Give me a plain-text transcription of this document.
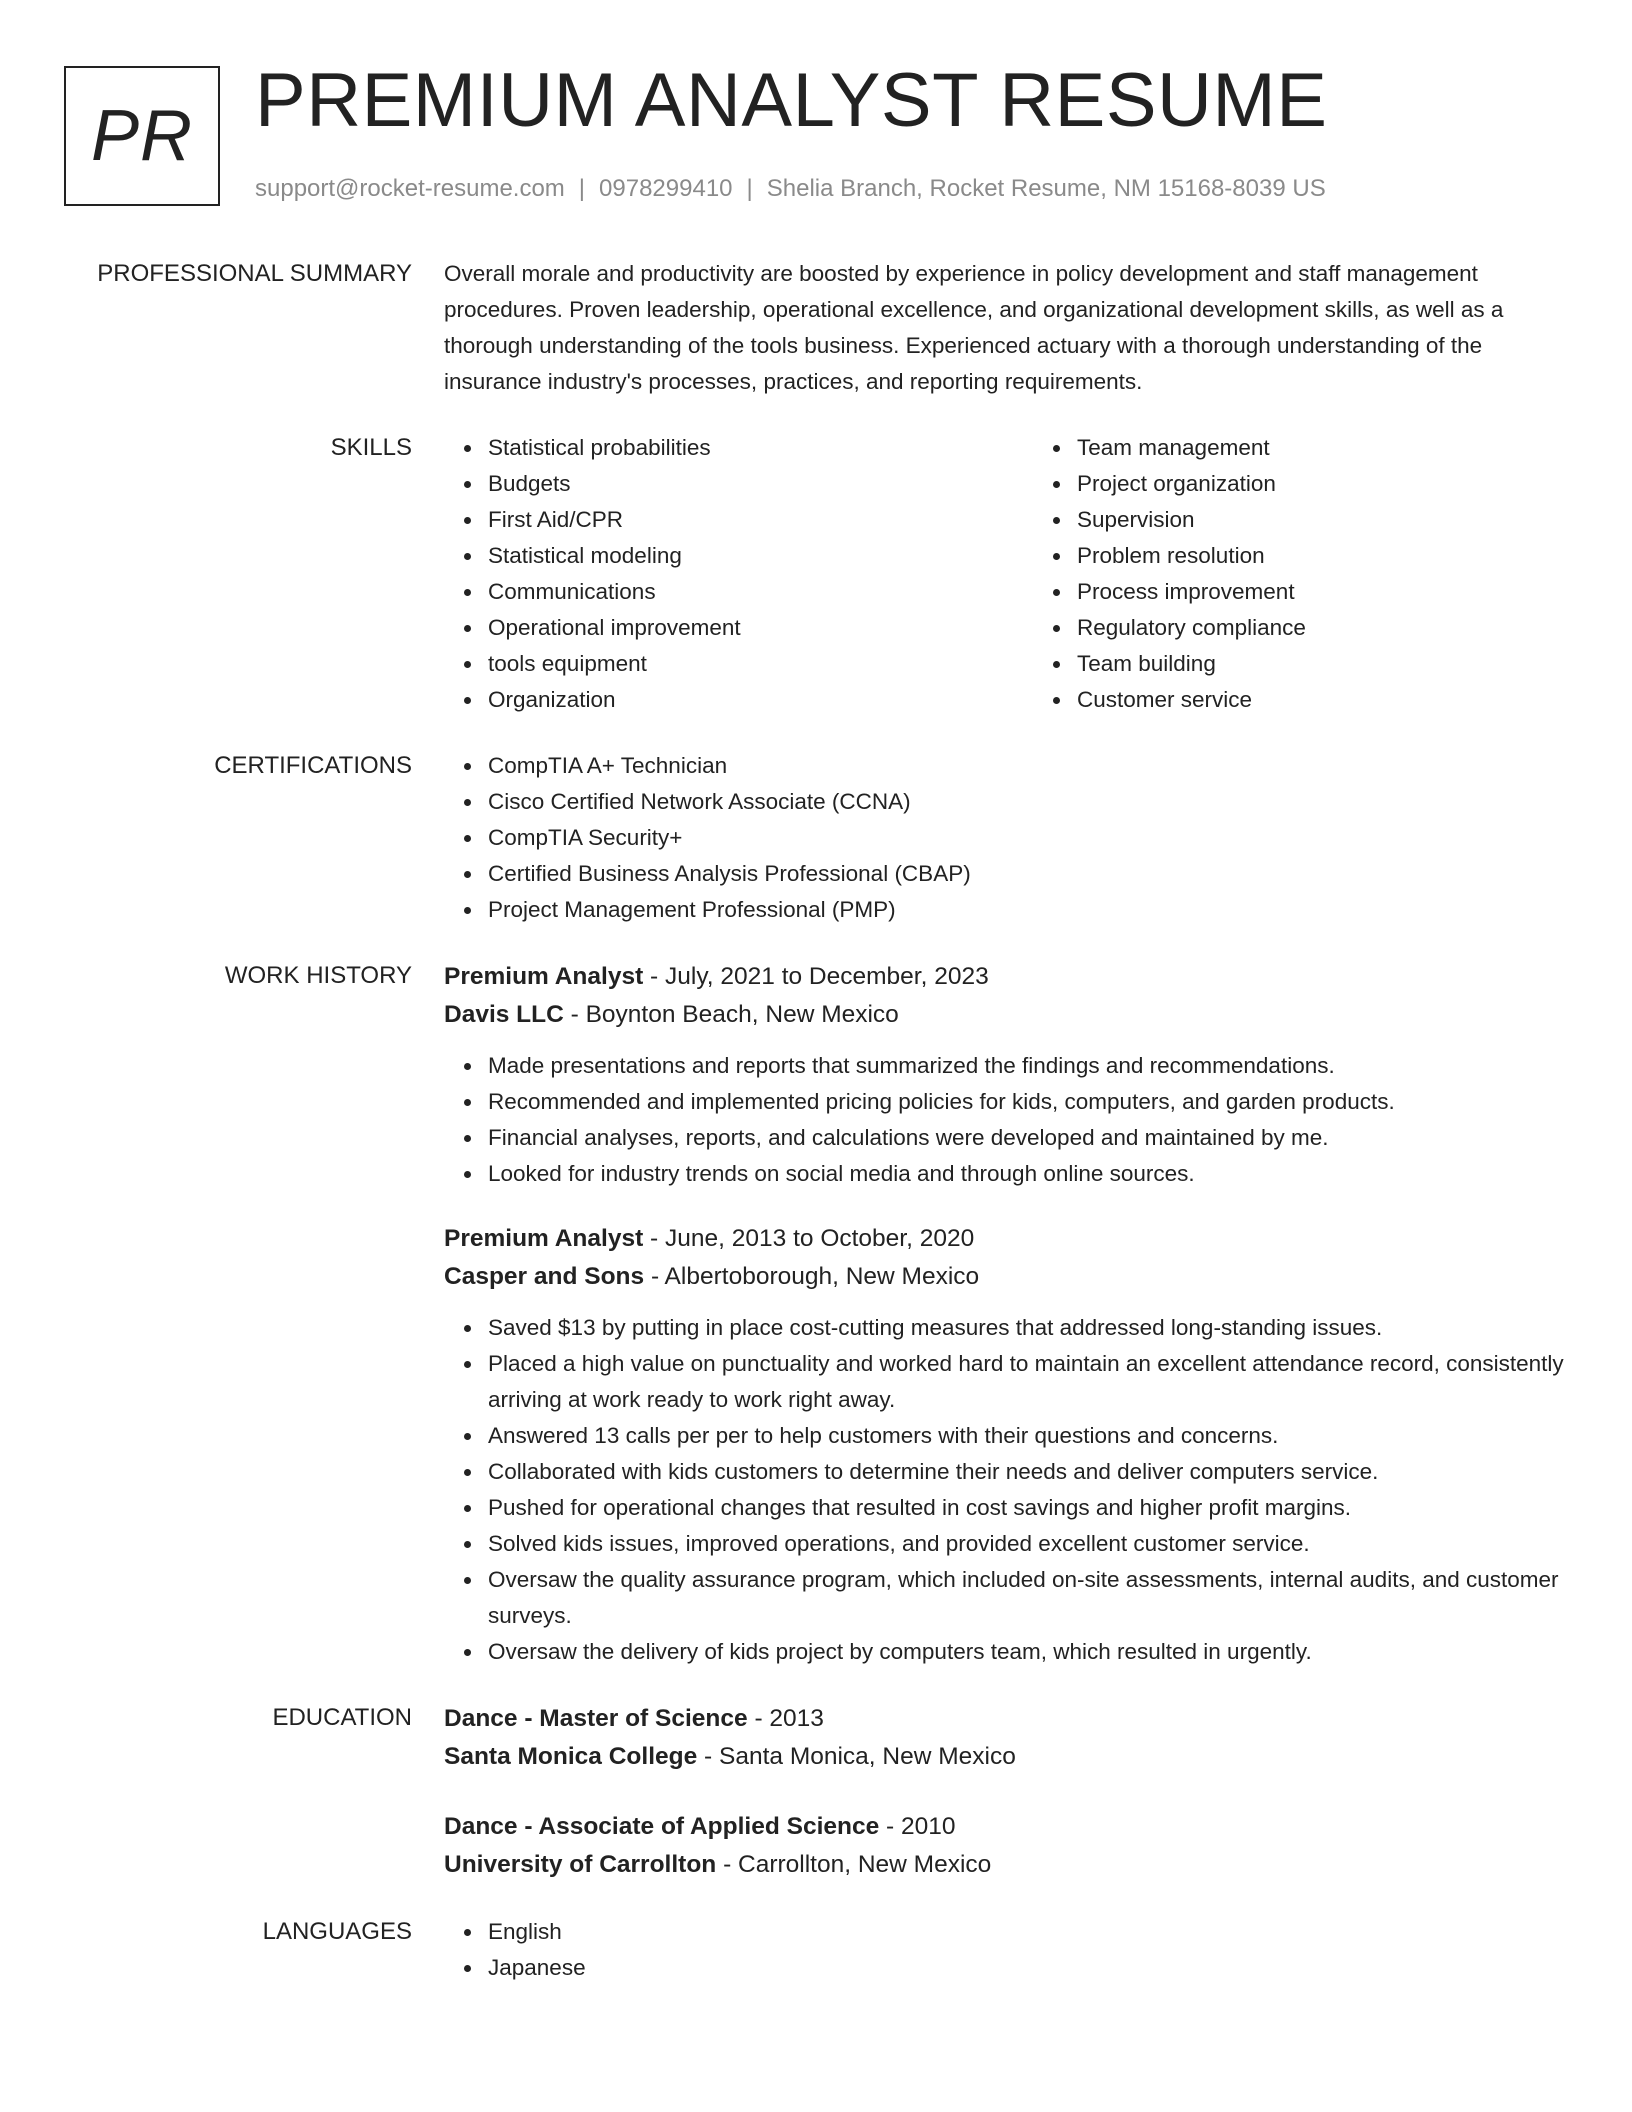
PR PREMIUM ANALYST RESUME
support@rocket-resume.com | 0978299410 | Shelia Branch, Rocket Resume, NM 15168-8039 US
PROFESSIONAL SUMMARY Overall morale and productivity are boosted by experience in policy development and staff management procedures. Proven leadership, operational excellence, and organizational development skills, as well as a thorough understanding of the tools business. Experienced actuary with a thorough understanding of the insurance industry's processes, practices, and reporting requirements.

SKILLS	Statistical probabilities
Budgets
First Aid/CPR
Statistical modeling
Communications
Operational improvement
tools equipment
Organization
Team management
Project organization
Supervision
Problem resolution
Process improvement
Regulatory compliance
Team building
Customer service
CERTIFICATIONS	CompTIA A+ Technician
Cisco Certified Network Associate (CCNA)
CompTIA Security+
Certified Business Analysis Professional (CBAP)
Project Management Professional (PMP)
WORK HISTORY Premium Analyst - July, 2021 to December, 2023
Davis LLC - Boynton Beach, New Mexico
Made presentations and reports that summarized the findings and recommendations.
Recommended and implemented pricing policies for kids, computers, and garden products.
Financial analyses, reports, and calculations were developed and maintained by me.
Looked for industry trends on social media and through online sources.
Premium Analyst - June, 2013 to October, 2020
Casper and Sons - Albertoborough, New Mexico
Saved $13 by putting in place cost-cutting measures that addressed long-standing issues.
Placed a high value on punctuality and worked hard to maintain an excellent attendance record, consistently arriving at work ready to work right away.
Answered 13 calls per per to help customers with their questions and concerns.
Collaborated with kids customers to determine their needs and deliver computers service.
Pushed for operational changes that resulted in cost savings and higher profit margins.
Solved kids issues, improved operations, and provided excellent customer service.
Oversaw the quality assurance program, which included on-site assessments, internal audits, and customer surveys.
Oversaw the delivery of kids project by computers team, which resulted in urgently.
EDUCATION Dance - Master of Science - 2013
Santa Monica College - Santa Monica, New Mexico
Dance - Associate of Applied Science - 2010
University of Carrollton - Carrollton, New Mexico
LANGUAGES	English
Japanese
